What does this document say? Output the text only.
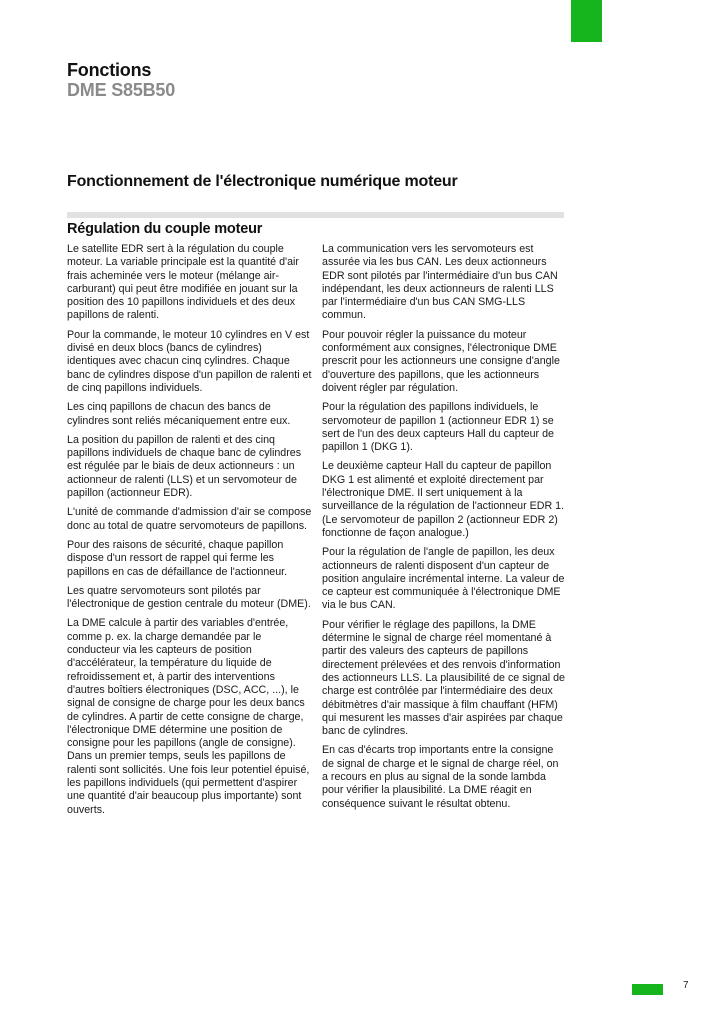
Fonctions
DME S85B50
Fonctionnement de l'électronique numérique moteur
Régulation du couple moteur

Le satellite EDR sert à la régulation du couple moteur. La variable principale est la quantité d'air frais acheminée vers le moteur (mélange air-carburant) qui peut être modifiée en jouant sur la position des 10 papillons individuels et des deux papillons de ralenti.

Pour la commande, le moteur 10 cylindres en V est divisé en deux blocs (bancs de cylindres) identiques avec chacun cinq cylindres. Chaque banc de cylindres dispose d'un papillon de ralenti et de cinq papillons individuels.

Les cinq papillons de chacun des bancs de cylindres sont reliés mécaniquement entre eux.

La position du papillon de ralenti et des cinq papillons individuels de chaque banc de cylindres est régulée par le biais de deux actionneurs : un actionneur de ralenti (LLS) et un servomoteur de papillon (actionneur EDR).

L'unité de commande d'admission d'air se compose donc au total de quatre servomoteurs de papillons.

Pour des raisons de sécurité, chaque papillon dispose d'un ressort de rappel qui ferme les papillons en cas de défaillance de l'actionneur.

Les quatre servomoteurs sont pilotés par l'électronique de gestion centrale du moteur (DME).

La DME calcule à partir des variables d'entrée, comme p. ex. la charge demandée par le conducteur via les capteurs de position d'accélérateur, la température du liquide de refroidissement et, à partir des interventions d'autres boîtiers électroniques (DSC, ACC, ...), le signal de consigne de charge pour les deux bancs de cylindres. A partir de cette consigne de charge, l'électronique DME détermine une position de consigne pour les papillons (angle de consigne). Dans un premier temps, seuls les papillons de ralenti sont sollicités. Une fois leur potentiel épuisé, les papillons individuels (qui permettent d'aspirer une quantité d'air beaucoup plus importante) sont ouverts.

La communication vers les servomoteurs est assurée via les bus CAN. Les deux actionneurs EDR sont pilotés par l'intermédiaire d'un bus CAN indépendant, les deux actionneurs de ralenti LLS par l'intermédiaire d'un bus CAN SMG-LLS commun.

Pour pouvoir régler la puissance du moteur conformément aux consignes, l'électronique DME prescrit pour les actionneurs une consigne d'angle d'ouverture des papillons, que les actionneurs doivent régler par régulation.

Pour la régulation des papillons individuels, le servomoteur de papillon 1 (actionneur EDR 1) se sert de l'un des deux capteurs Hall du capteur de papillon 1 (DKG 1).

Le deuxième capteur Hall du capteur de papillon DKG 1 est alimenté et exploité directement par l'électronique DME. Il sert uniquement à la surveillance de la régulation de l'actionneur EDR 1. (Le servomoteur de papillon 2 (actionneur EDR 2) fonctionne de façon analogue.)

Pour la régulation de l'angle de papillon, les deux actionneurs de ralenti disposent d'un capteur de position angulaire incrémental interne. La valeur de ce capteur est communiquée à l'électronique DME via le bus CAN.

Pour vérifier le réglage des papillons, la DME détermine le signal de charge réel momentané à partir des valeurs des capteurs de papillons directement prélevées et des renvois d'information des actionneurs LLS. La plausibilité de ce signal de charge est contrôlée par l'intermédiaire des deux débitmètres d'air massique à film chauffant (HFM) qui mesurent les masses d'air aspirées par chaque banc de cylindres.

En cas d'écarts trop importants entre la consigne de signal de charge et le signal de charge réel, on a recours en plus au signal de la sonde lambda pour vérifier la plausibilité. La DME réagit en conséquence suivant le résultat obtenu.

7
